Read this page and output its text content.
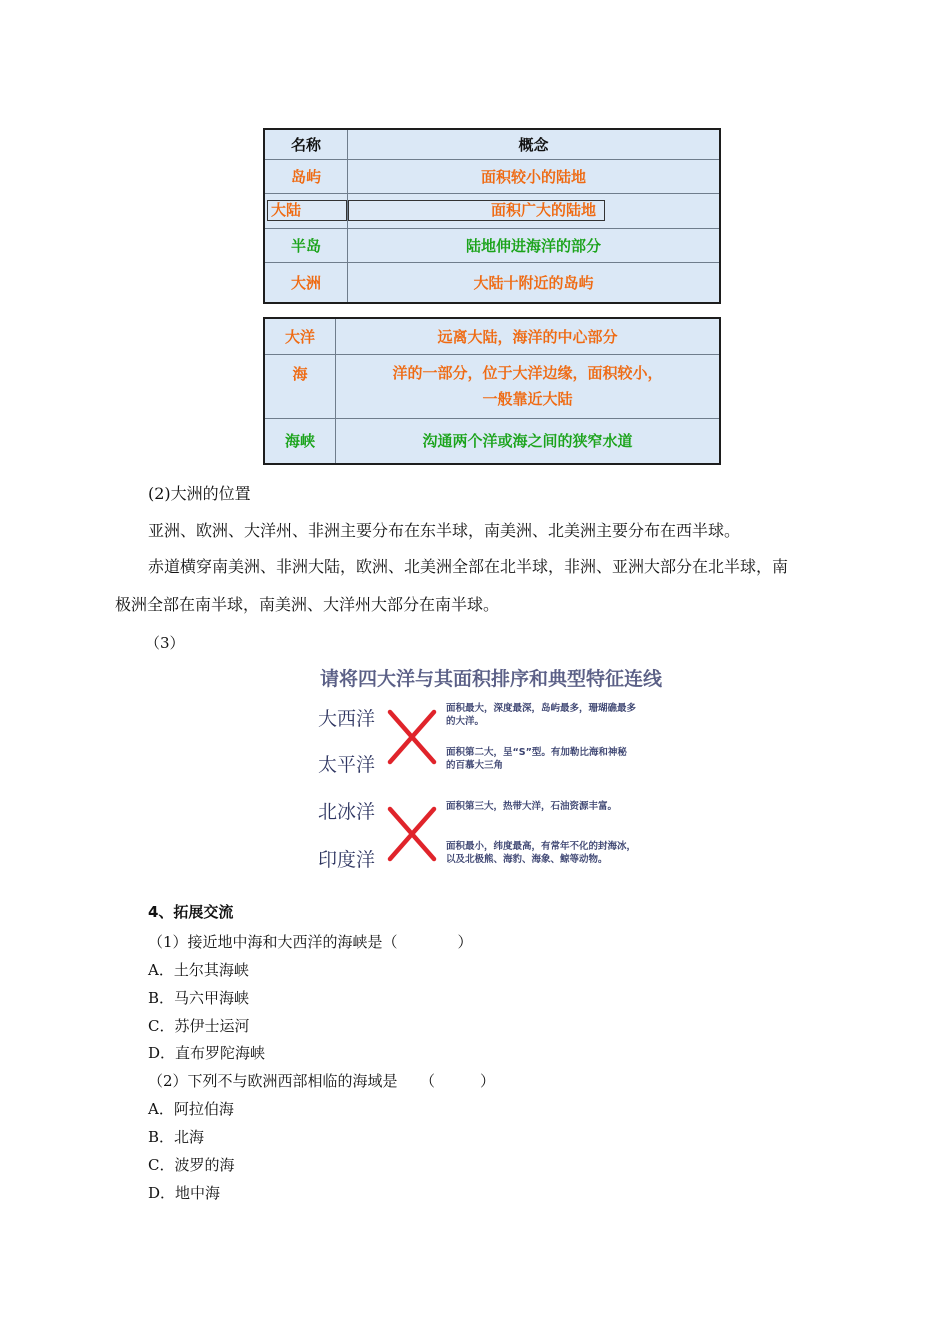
名称	概念
岛屿	面积较小的陆地
大陆	面积广大的陆地
半岛	陆地伸进海洋的部分
大洲	大陆十附近的岛屿
大洋	远离大陆，海洋的中心部分
海	洋的一部分，位于大洋边缘，面积较小，
一般靠近大陆

海峡	沟通两个洋或海之间的狭窄水道
(2)大洲的位置
亚洲、欧洲、大洋州、非洲主要分布在东半球，南美洲、北美洲主要分布在西半球。
赤道横穿南美洲、非洲大陆，欧洲、北美洲全部在北半球，非洲、亚洲大部分在北半球，南
极洲全部在南半球，南美洲、大洋州大部分在南半球。
（3）
请将四大洋与其面积排序和典型特征连线
大西洋
太平洋
北冰洋
印度洋
面积最大，深度最深，岛屿最多，珊瑚礁最多的大洋。
面积第二大，呈“S”型。有加勒比海和神秘的百慕大三角
面积第三大，热带大洋，石油资源丰富。
面积最小，纬度最高，有常年不化的封海冰，以及北极熊、海豹、海象、鲸等动物。
4、拓展交流
（1）接近地中海和大西洋的海峡是（　　　　）
A．土尔其海峡
B．马六甲海峡
C．苏伊士运河
D．直布罗陀海峡
（2）下列不与欧洲西部相临的海域是　　（　　　）
A．阿拉伯海
B．北海
C．波罗的海
D．地中海
